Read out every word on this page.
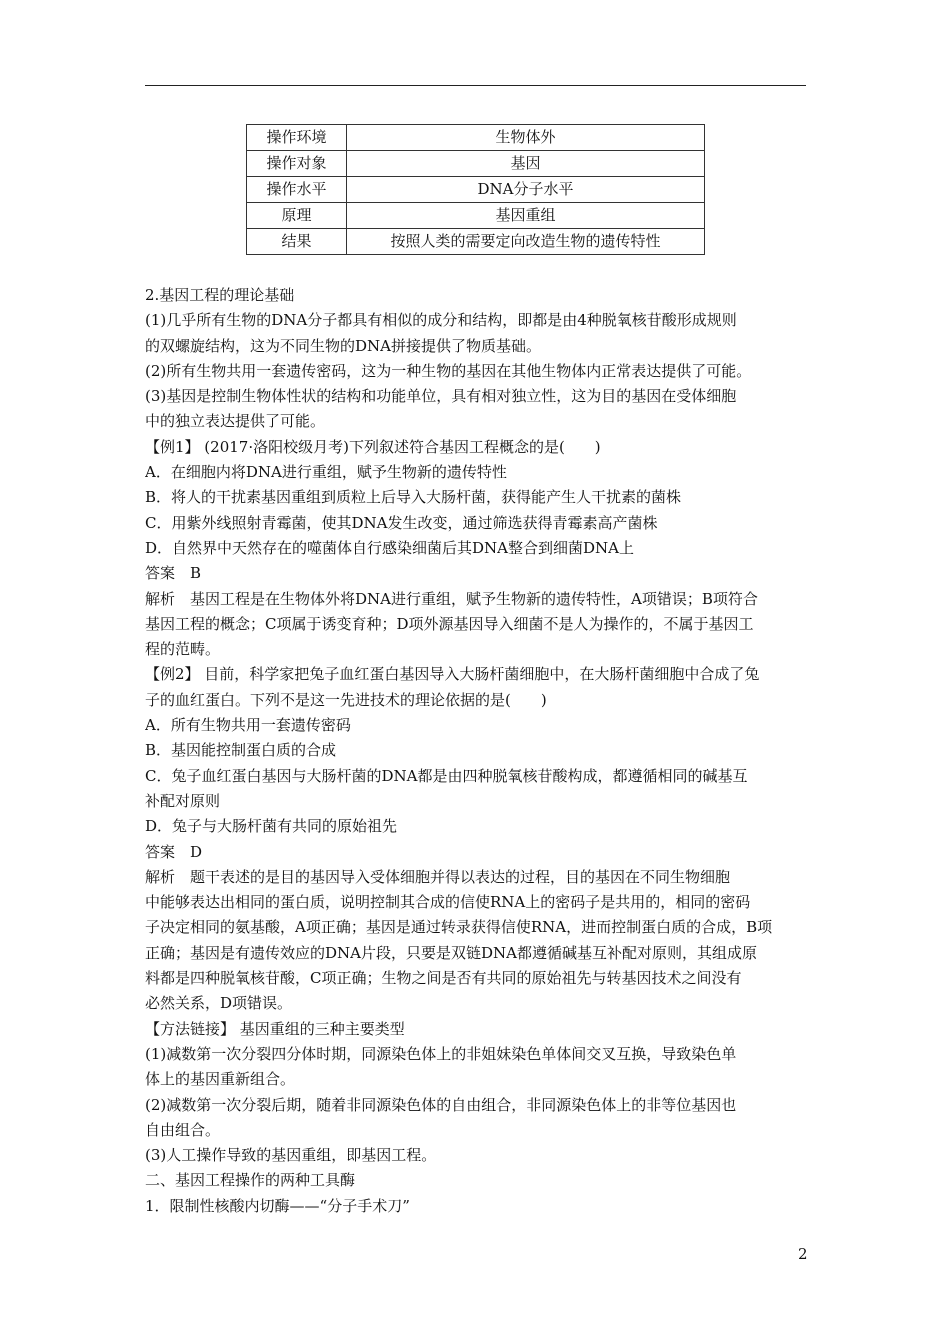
操作环境	生物体外
操作对象	基因
操作水平	DNA分子水平
原理	基因重组
结果	按照人类的需要定向改造生物的遗传特性
2.基因工程的理论基础
(1)几乎所有生物的DNA分子都具有相似的成分和结构，即都是由4种脱氧核苷酸形成规则
的双螺旋结构，这为不同生物的DNA拼接提供了物质基础。
(2)所有生物共用一套遗传密码，这为一种生物的基因在其他生物体内正常表达提供了可能。
(3)基因是控制生物体性状的结构和功能单位，具有相对独立性，这为目的基因在受体细胞
中的独立表达提供了可能。
【例1】 (2017·洛阳校级月考)下列叙述符合基因工程概念的是(　　)
A．在细胞内将DNA进行重组，赋予生物新的遗传特性
B．将人的干扰素基因重组到质粒上后导入大肠杆菌，获得能产生人干扰素的菌株
C．用紫外线照射青霉菌，使其DNA发生改变，通过筛选获得青霉素高产菌株
D．自然界中天然存在的噬菌体自行感染细菌后其DNA整合到细菌DNA上
答案　B
解析　基因工程是在生物体外将DNA进行重组，赋予生物新的遗传特性，A项错误；B项符合
基因工程的概念；C项属于诱变育种；D项外源基因导入细菌不是人为操作的，不属于基因工
程的范畴。
【例2】 目前，科学家把兔子血红蛋白基因导入大肠杆菌细胞中，在大肠杆菌细胞中合成了兔
子的血红蛋白。下列不是这一先进技术的理论依据的是(　　)
A．所有生物共用一套遗传密码
B．基因能控制蛋白质的合成
C．兔子血红蛋白基因与大肠杆菌的DNA都是由四种脱氧核苷酸构成，都遵循相同的碱基互
补配对原则
D．兔子与大肠杆菌有共同的原始祖先
答案　D
解析　题干表述的是目的基因导入受体细胞并得以表达的过程，目的基因在不同生物细胞
中能够表达出相同的蛋白质，说明控制其合成的信使RNA上的密码子是共用的，相同的密码
子决定相同的氨基酸，A项正确；基因是通过转录获得信使RNA，进而控制蛋白质的合成，B项
正确；基因是有遗传效应的DNA片段，只要是双链DNA都遵循碱基互补配对原则，其组成原
料都是四种脱氧核苷酸，C项正确；生物之间是否有共同的原始祖先与转基因技术之间没有
必然关系，D项错误。
【方法链接】 基因重组的三种主要类型
(1)减数第一次分裂四分体时期，同源染色体上的非姐妹染色单体间交叉互换，导致染色单
体上的基因重新组合。
(2)减数第一次分裂后期，随着非同源染色体的自由组合，非同源染色体上的非等位基因也
自由组合。
(3)人工操作导致的基因重组，即基因工程。
二、基因工程操作的两种工具酶
1．限制性核酸内切酶——“分子手术刀”
2
